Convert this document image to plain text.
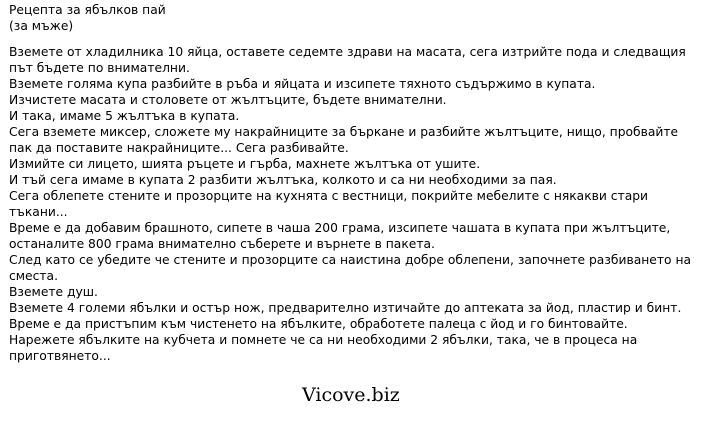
Рецепта за ябълков пай
(за мъже)

Вземете от хладилника 10 яйца, оставете седемте здрави на масата, сега изтрийте пода и следващия път бъдете по внимателни.

Вземете голяма купа разбийте в ръба и яйцата и изсипете тяхното съдържимо в купата.

Изчистете масата и столовете от жълтъците, бъдете внимателни.

И така, имаме 5 жълтъка в купата.

Сега вземете миксер, сложете му накрайниците за бъркане и разбийте жълтъците, нищо, пробвайте пак да поставите накрайниците... Сега разбивайте.

Измийте си лицето, шията ръцете и гърба, махнете жълтъка от ушите.

И тъй сега имаме в купата 2 разбити жълтъка, колкото и са ни необходими за пая.

Сега облепете стените и прозорците на кухнята с вестници, покрийте мебелите с някакви стари тъкани...

Време е да добавим брашното, сипете в чаша 200 грама, изсипете чашата в купата при жълтъците, останалите 800 грама внимателно съберете и върнете в пакета.

След като се убедите че стените и прозорците са наистина добре облепени, започнете разбиването на сместа.

Вземете душ.

Вземете 4 големи ябълки и остър нож, предварително изтичайте до аптеката за йод, пластир и бинт.

Време е да пристъпим към чистенето на ябълките, обработете палеца с йод и го бинтовайте.

Нарежете ябълките на кубчета и помнете че са ни необходими 2 ябълки, така, че в процеса на приготвянето...

Vicove.biz
